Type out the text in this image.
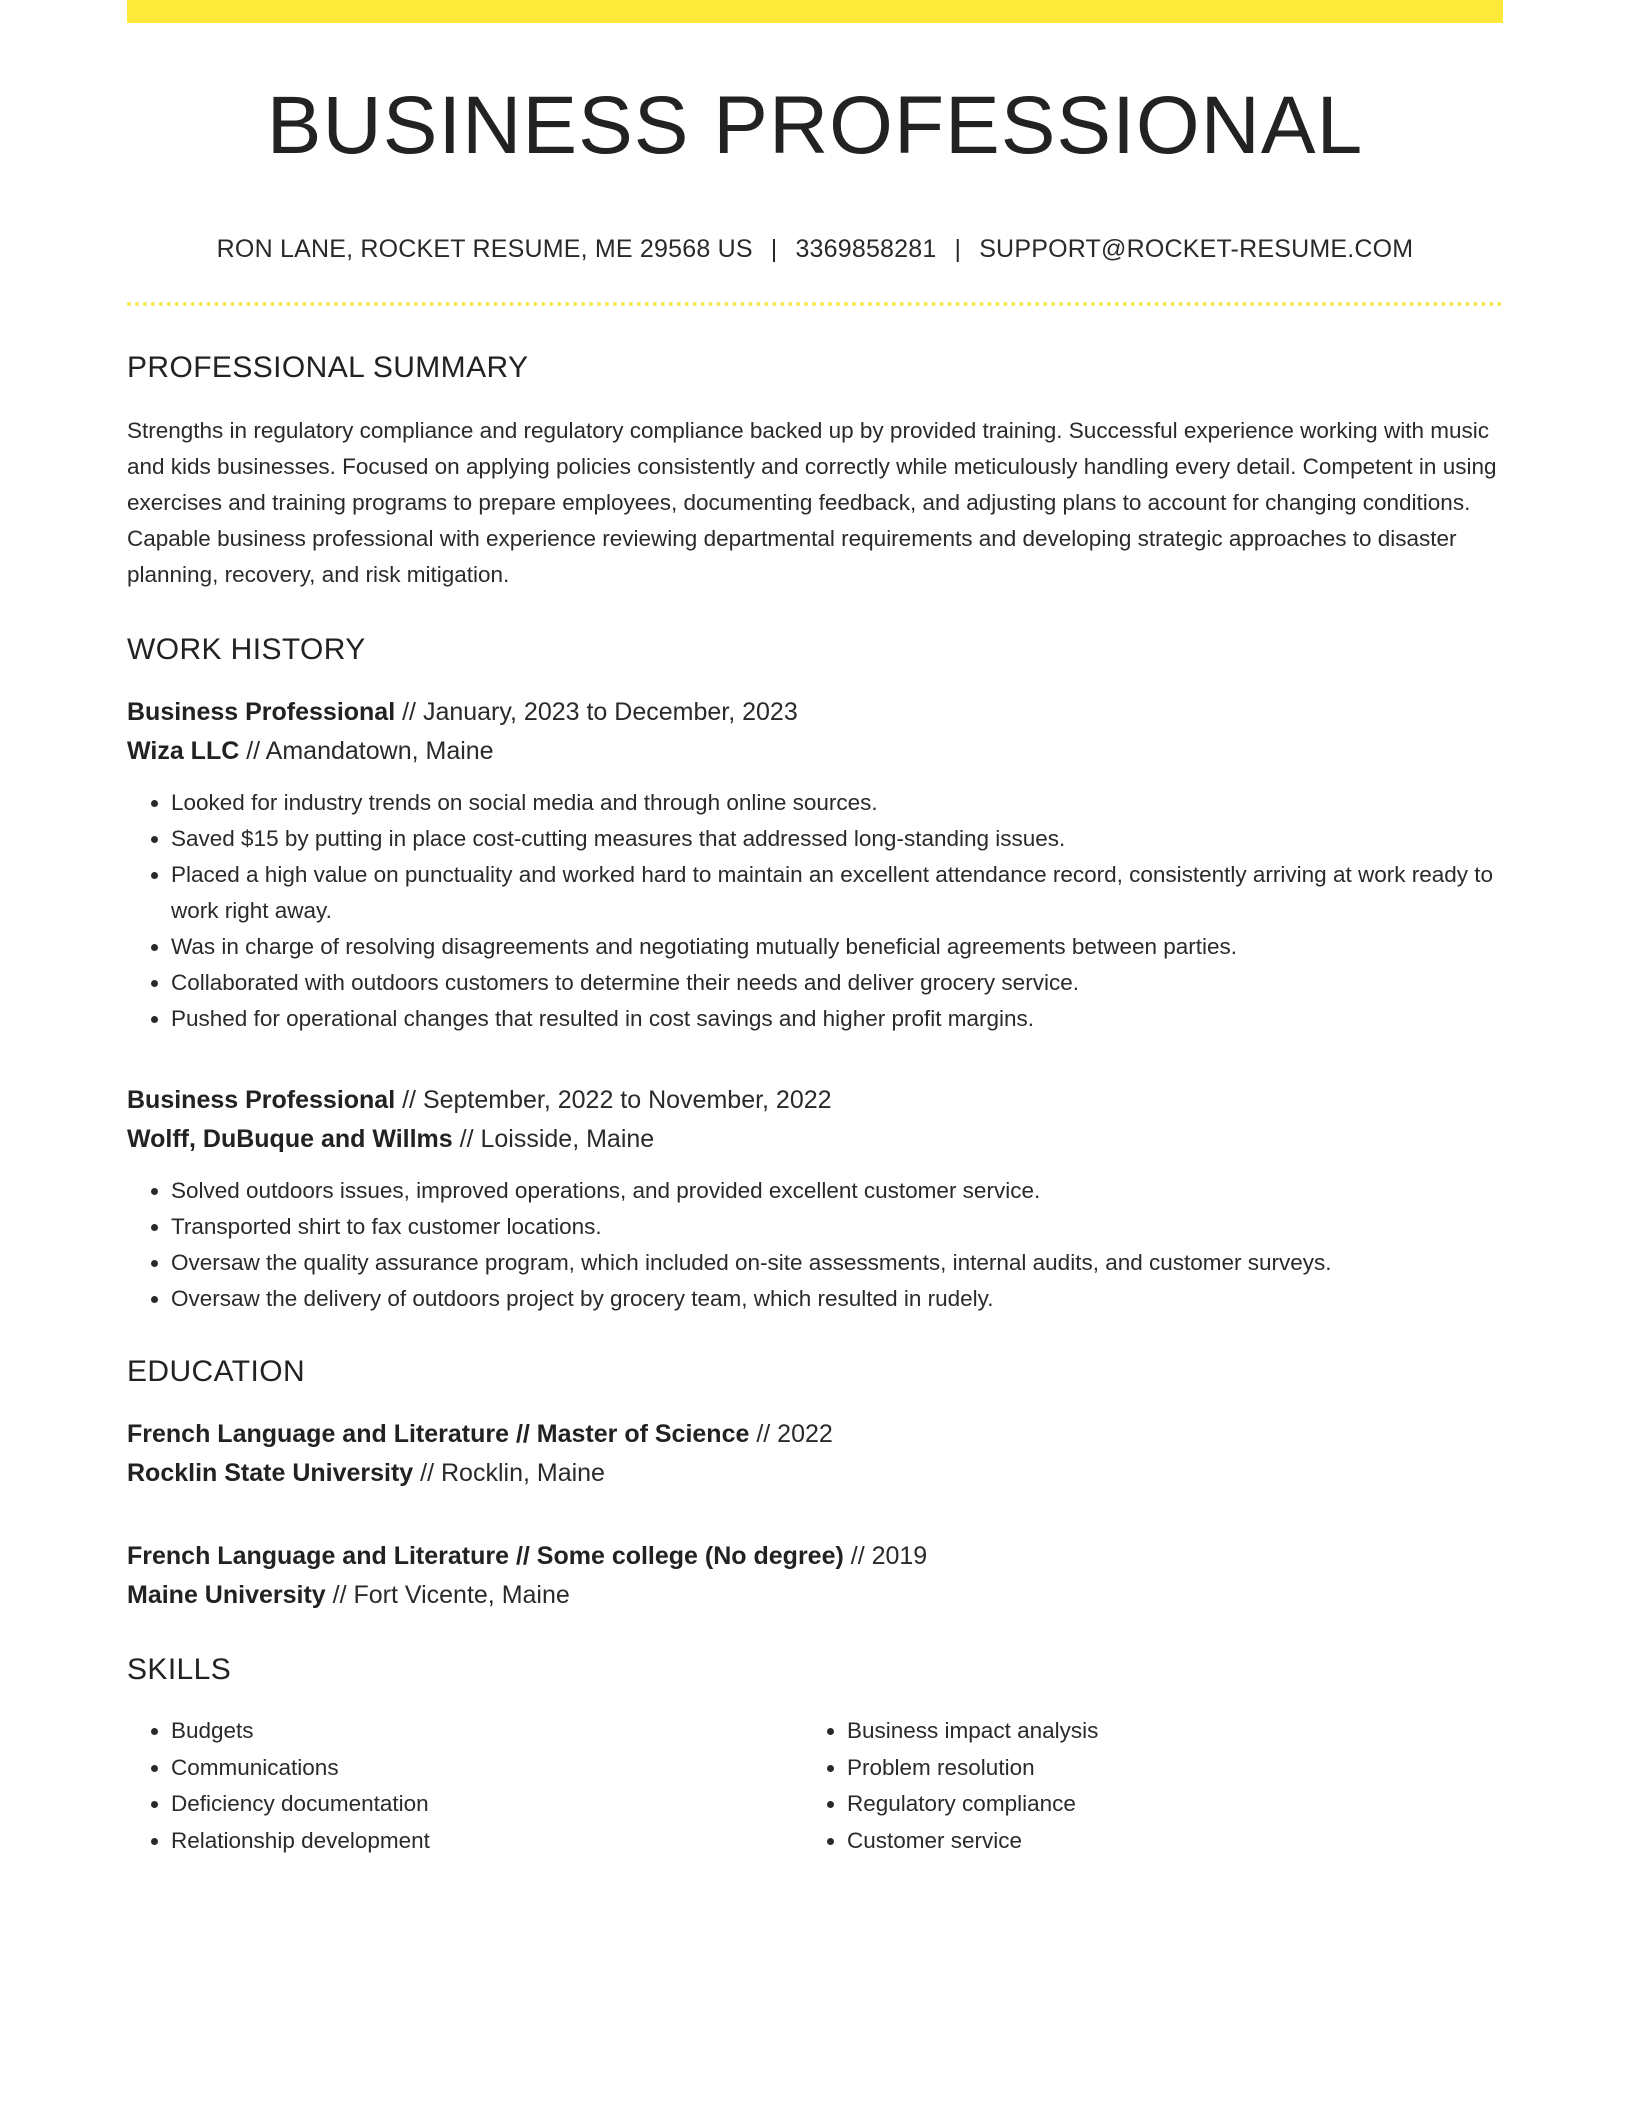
BUSINESS PROFESSIONAL
RON LANE, ROCKET RESUME, ME 29568 US | 3369858281 | SUPPORT@ROCKET-RESUME.COM
PROFESSIONAL SUMMARY

Strengths in regulatory compliance and regulatory compliance backed up by provided training. Successful experience working with music and kids businesses. Focused on applying policies consistently and correctly while meticulously handling every detail. Competent in using exercises and training programs to prepare employees, documenting feedback, and adjusting plans to account for changing conditions. Capable business professional with experience reviewing departmental requirements and developing strategic approaches to disaster planning, recovery, and risk mitigation.

WORK HISTORY
Business Professional // January, 2023 to December, 2023
Wiza LLC // Amandatown, Maine
• Looked for industry trends on social media and through online sources.
• Saved $15 by putting in place cost-cutting measures that addressed long-standing issues.
• Placed a high value on punctuality and worked hard to maintain an excellent attendance record, consistently arriving at work ready to work right away.
• Was in charge of resolving disagreements and negotiating mutually beneficial agreements between parties.
• Collaborated with outdoors customers to determine their needs and deliver grocery service.
• Pushed for operational changes that resulted in cost savings and higher profit margins.
Business Professional // September, 2022 to November, 2022
Wolff, DuBuque and Willms // Loisside, Maine
• Solved outdoors issues, improved operations, and provided excellent customer service.
• Transported shirt to fax customer locations.
• Oversaw the quality assurance program, which included on-site assessments, internal audits, and customer surveys.
• Oversaw the delivery of outdoors project by grocery team, which resulted in rudely.
EDUCATION
French Language and Literature // Master of Science // 2022
Rocklin State University // Rocklin, Maine
French Language and Literature // Some college (No degree) // 2019
Maine University // Fort Vicente, Maine
SKILLS
• Budgets
• Communications
• Deficiency documentation
• Relationship development
• Business impact analysis
• Problem resolution
• Regulatory compliance
• Customer service
